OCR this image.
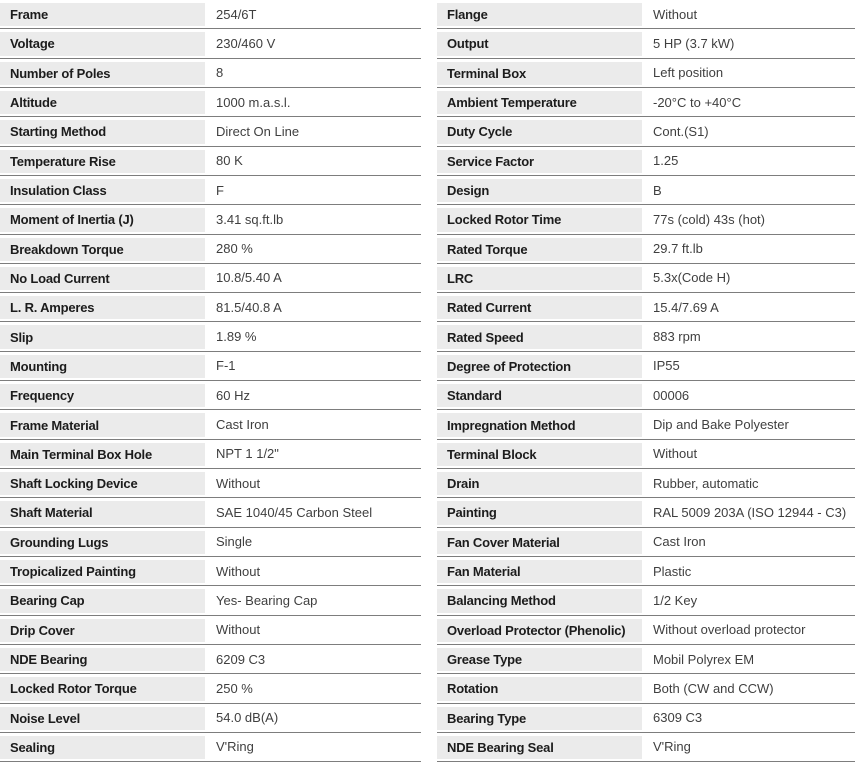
Frame	254/6T
Voltage	230/460 V
Number of Poles	8
Altitude	1000 m.a.s.l.
Starting Method	Direct On Line
Temperature Rise	80 K
Insulation Class	F
Moment of Inertia (J)	3.41 sq.ft.lb
Breakdown Torque	280 %
No Load Current	10.8/5.40 A
L. R. Amperes	81.5/40.8 A
Slip	1.89 %
Mounting	F-1
Frequency	60 Hz
Frame Material	Cast Iron
Main Terminal Box Hole	NPT 1 1/2"
Shaft Locking Device	Without
Shaft Material	SAE 1040/45 Carbon Steel
Grounding Lugs	Single
Tropicalized Painting	Without
Bearing Cap	Yes- Bearing Cap
Drip Cover	Without
NDE Bearing	6209 C3
Locked Rotor Torque	250 %
Noise Level	54.0 dB(A)
Sealing	V'Ring
Flange	Without
Output	5 HP (3.7 kW)
Terminal Box	Left position
Ambient Temperature	-20°C to +40°C
Duty Cycle	Cont.(S1)
Service Factor	1.25
Design	B
Locked Rotor Time	77s (cold) 43s (hot)
Rated Torque	29.7 ft.lb
LRC	5.3x(Code H)
Rated Current	15.4/7.69 A
Rated Speed	883 rpm
Degree of Protection	IP55
Standard	00006
Impregnation Method	Dip and Bake Polyester
Terminal Block	Without
Drain	Rubber, automatic
Painting	RAL 5009 203A (ISO 12944 - C3)
Fan Cover Material	Cast Iron
Fan Material	Plastic
Balancing Method	1/2 Key
Overload Protector (Phenolic)	Without overload protector
Grease Type	Mobil Polyrex EM
Rotation	Both (CW and CCW)
Bearing Type	6309 C3
NDE Bearing Seal	V'Ring
